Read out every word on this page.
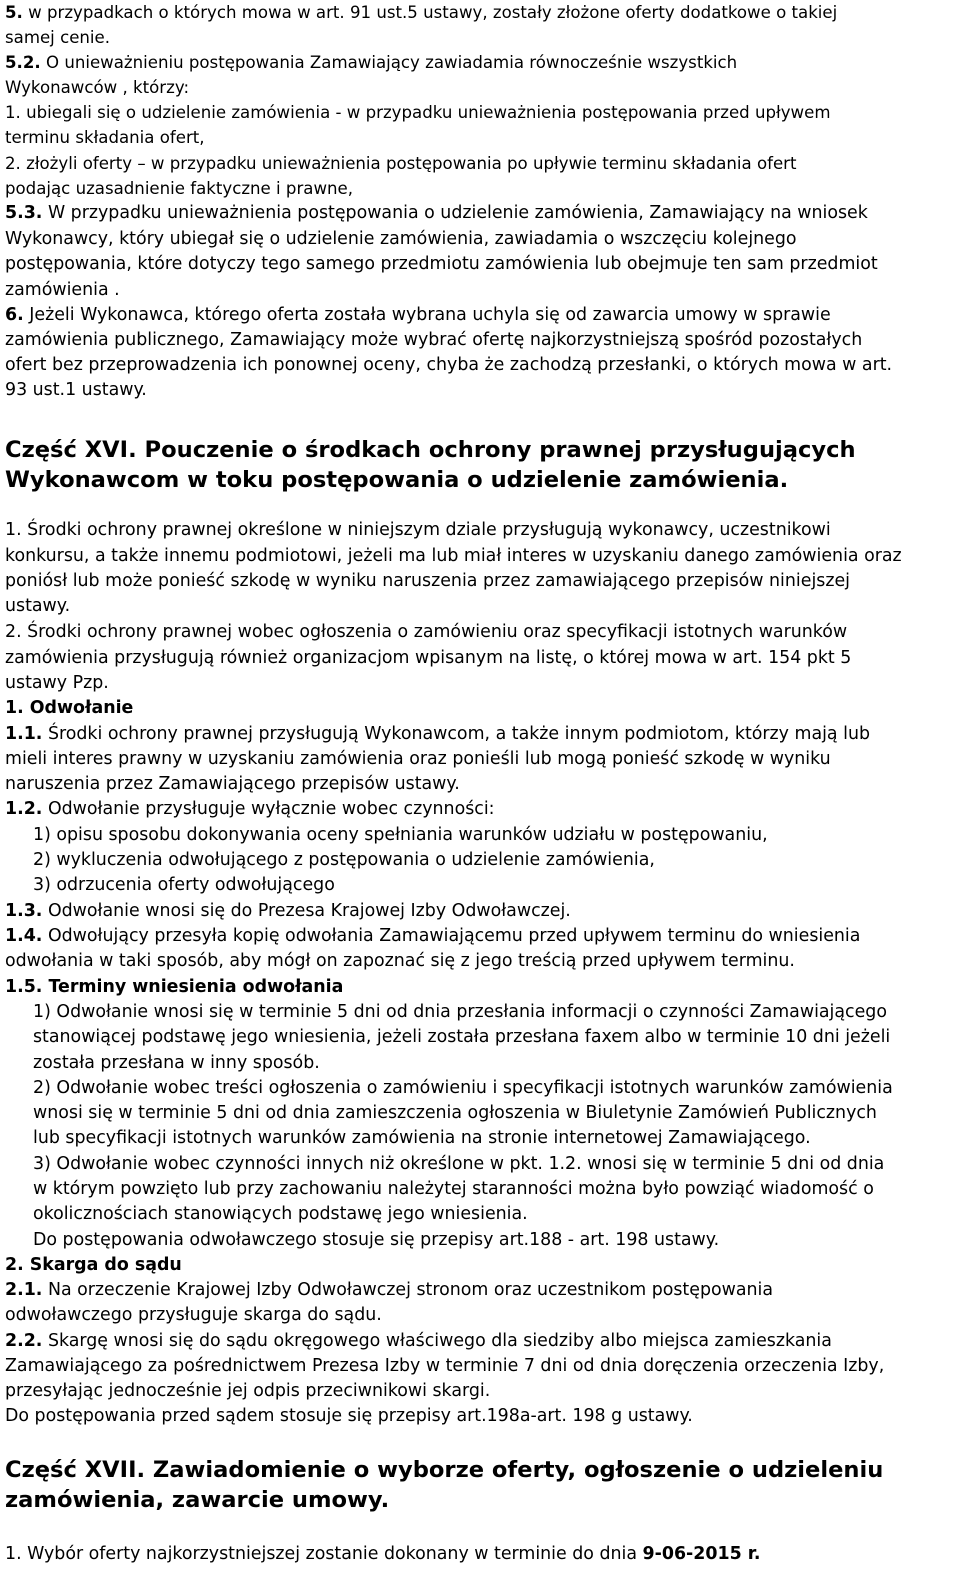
5. w przypadkach o których mowa w art. 91 ust.5 ustawy, zostały złożone oferty dodatkowe o takiej
samej cenie.
5.2. O unieważnieniu postępowania Zamawiający zawiadamia równocześnie wszystkich
Wykonawców , którzy:
1. ubiegali się o udzielenie zamówienia - w przypadku unieważnienia postępowania przed upływem
terminu składania ofert,
2. złożyli oferty – w przypadku unieważnienia postępowania po upływie terminu składania ofert
podając uzasadnienie faktyczne i prawne,
5.3. W przypadku unieważnienia postępowania o udzielenie zamówienia, Zamawiający na wniosek
Wykonawcy, który ubiegał się o udzielenie zamówienia, zawiadamia o wszczęciu kolejnego
postępowania, które dotyczy tego samego przedmiotu zamówienia lub obejmuje ten sam przedmiot
zamówienia .
6. Jeżeli Wykonawca, którego oferta została wybrana uchyla się od zawarcia umowy w sprawie
zamówienia publicznego, Zamawiający może wybrać ofertę najkorzystniejszą spośród pozostałych
ofert bez przeprowadzenia ich ponownej oceny, chyba że zachodzą przesłanki, o których mowa w art.
93 ust.1 ustawy.
Część XVI. Pouczenie o środkach ochrony prawnej przysługujących
Wykonawcom w toku postępowania o udzielenie zamówienia.
1. Środki ochrony prawnej określone w niniejszym dziale przysługują wykonawcy, uczestnikowi
konkursu, a także innemu podmiotowi, jeżeli ma lub miał interes w uzyskaniu danego zamówienia oraz
poniósł lub może ponieść szkodę w wyniku naruszenia przez zamawiającego przepisów niniejszej
ustawy.
2. Środki ochrony prawnej wobec ogłoszenia o zamówieniu oraz specyfikacji istotnych warunków
zamówienia przysługują również organizacjom wpisanym na listę, o której mowa w art. 154 pkt 5
ustawy Pzp.
1. Odwołanie
1.1. Środki ochrony prawnej przysługują Wykonawcom, a także innym podmiotom, którzy mają lub
mieli interes prawny w uzyskaniu zamówienia oraz ponieśli lub mogą ponieść szkodę w wyniku
naruszenia przez Zamawiającego przepisów ustawy.
1.2. Odwołanie przysługuje wyłącznie wobec czynności:
1) opisu sposobu dokonywania oceny spełniania warunków udziału w postępowaniu,
2) wykluczenia odwołującego z postępowania o udzielenie zamówienia,
3) odrzucenia oferty odwołującego
1.3. Odwołanie wnosi się do Prezesa Krajowej Izby Odwoławczej.
1.4. Odwołujący przesyła kopię odwołania Zamawiającemu przed upływem terminu do wniesienia
odwołania w taki sposób, aby mógł on zapoznać się z jego treścią przed upływem terminu.
1.5. Terminy wniesienia odwołania
1) Odwołanie wnosi się w terminie 5 dni od dnia przesłania informacji o czynności Zamawiającego
stanowiącej podstawę jego wniesienia, jeżeli została przesłana faxem albo w terminie 10 dni jeżeli
została przesłana w inny sposób.
2) Odwołanie wobec treści ogłoszenia o zamówieniu i specyfikacji istotnych warunków zamówienia
wnosi się w terminie 5 dni od dnia zamieszczenia ogłoszenia w Biuletynie Zamówień Publicznych
lub specyfikacji istotnych warunków zamówienia na stronie internetowej Zamawiającego.
3) Odwołanie wobec czynności innych niż określone w pkt. 1.2. wnosi się w terminie 5 dni od dnia
w którym powzięto lub przy zachowaniu należytej staranności można było powziąć wiadomość o
okolicznościach stanowiących podstawę jego wniesienia.
Do postępowania odwoławczego stosuje się przepisy art.188 - art. 198 ustawy.
2. Skarga do sądu
2.1. Na orzeczenie Krajowej Izby Odwoławczej stronom oraz uczestnikom postępowania
odwoławczego przysługuje skarga do sądu.
2.2. Skargę wnosi się do sądu okręgowego właściwego dla siedziby albo miejsca zamieszkania
Zamawiającego za pośrednictwem Prezesa Izby w terminie 7 dni od dnia doręczenia orzeczenia Izby,
przesyłając jednocześnie jej odpis przeciwnikowi skargi.
Do postępowania przed sądem stosuje się przepisy art.198a-art. 198 g ustawy.
Część XVII. Zawiadomienie o wyborze oferty, ogłoszenie o udzieleniu
zamówienia, zawarcie umowy.
1. Wybór oferty najkorzystniejszej zostanie dokonany w terminie do dnia 9-06-2015 r.
